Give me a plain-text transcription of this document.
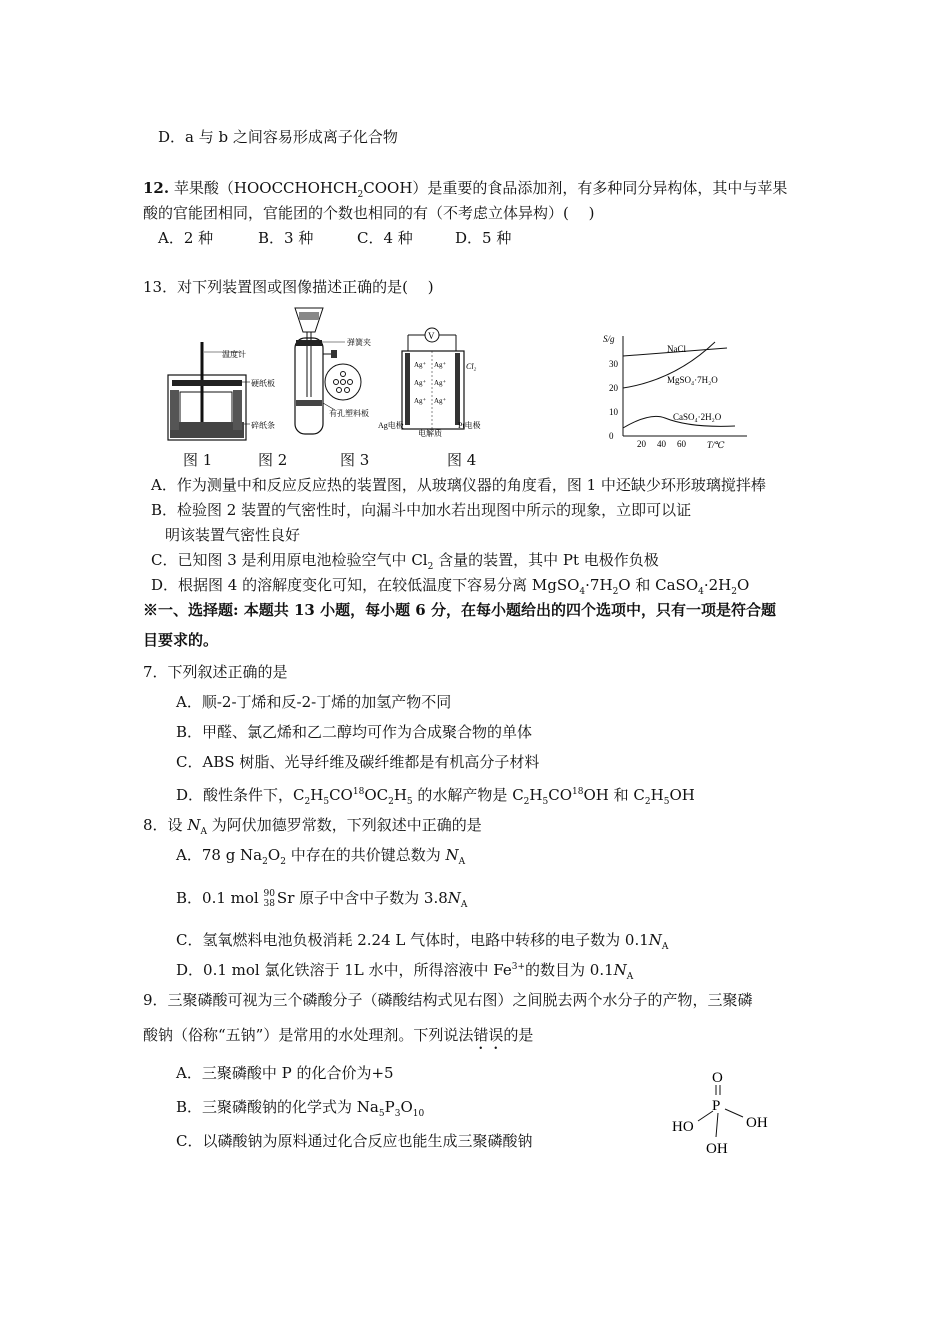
D．a 与 b 之间容易形成离子化合物
12. 苹果酸$(HOOCCHOHCH_2COOH)$是重要的食品添加剂，有多种同分异构体，其中与苹果
酸的官能团相同，官能团的个数也相同的有（不考虑立体异构）(　 )
A．2 种	B．3 种	C．4 种	D．5 种
13．对下列装置图或图像描述正确的是(　 )
温度计
硬纸板
碎纸条
弹簧夹
有孔塑料板
V
Ag⁺ Ag⁺
Ag⁺ Ag⁺
Ag⁺ Ag⁺
Cl₂
Ag电极	Pt电极
电解质
S/g
T/℃
0
10
20
30
20 40 60
NaCl
MgSO₄·7H₂O
CaSO₄·2H₂O
图 1	图 2	图 3	图 4
A．作为测量中和反应反应热的装置图，从玻璃仪器的角度看，图 1 中还缺少环形玻璃搅拌棒
B．检验图 2 装置的气密性时，向漏斗中加水若出现图中所示的现象，立即可以证
明该装置气密性良好
C．已知图 3 是利用原电池检验空气中 $Cl_2$ 含量的装置，其中 Pt 电极作负极
D．根据图 4 的溶解度变化可知，在较低温度下容易分离 $MgSO_4\cdot 7H_2O$ 和 $CaSO_4\cdot 2H_2O$
※一、选择题: 本题共 13 小题，每小题 6 分，在每小题给出的四个选项中，只有一项是符合题
目要求的。
7．下列叙述正确的是
A．顺-2-丁烯和反-2-丁烯的加氢产物不同
B．甲醛、氯乙烯和乙二醇均可作为合成聚合物的单体
C．ABS 树脂、光导纤维及碳纤维都是有机高分子材料
D．酸性条件下，$C_2H_5CO^{18}OC_2H_5$ 的水解产物是 $C_2H_5CO^{18}OH$ 和 $C_2H_5OH$
8．设 $N_A$ 为阿伏加德罗常数，下列叙述中正确的是
A．78 g $Na_2O_2$ 中存在的共价键总数为 $N_A$
B．0.1 mol 90
38 Sr 原子中含中子数为 $3.8N_A$
C．氢氧燃料电池负极消耗 2.24 L 气体时，电路中转移的电子数为 $0.1N_A$
D．0.1 mol 氯化铁溶于 1L 水中，所得溶液中 $Fe^{3+}$的数目为 $0.1N_A$
9．三聚磷酸可视为三个磷酸分子（磷酸结构式见右图）之间脱去两个水分子的产物，三聚磷
酸钠（俗称“五钠”）是常用的水处理剂。下列说法错误的是
A．三聚磷酸中 P 的化合价为+5
B．三聚磷酸钠的化学式为 $Na_5P_3O_{10}$
C．以磷酸钠为原料通过化合反应也能生成三聚磷酸钠
O
P
HO	OH
OH
